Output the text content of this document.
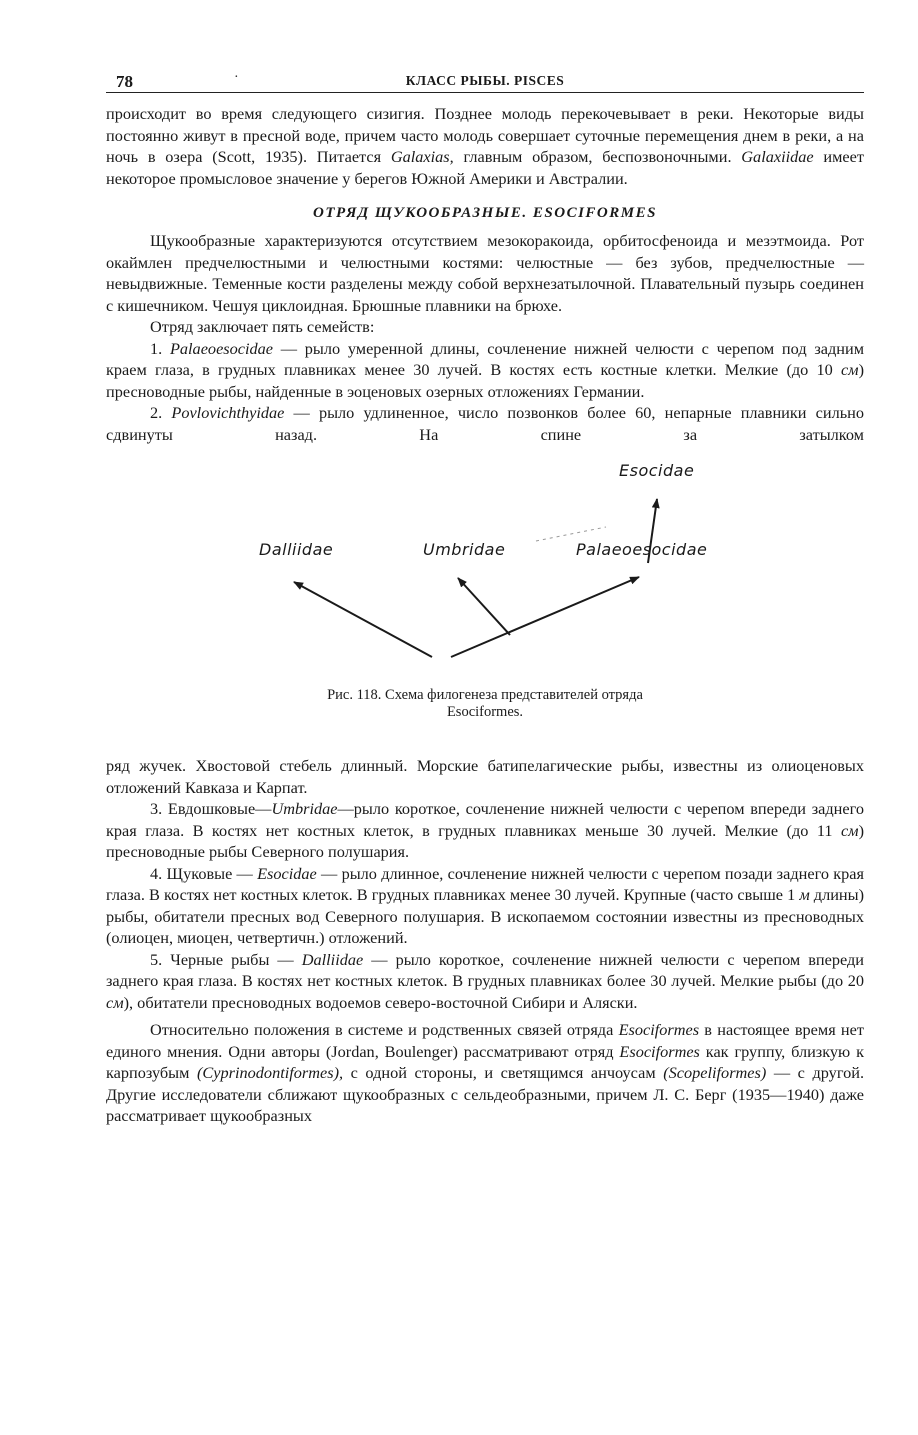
78	·	КЛАСС РЫБЫ. PISCES

происходит во время следующего сизигия. Позднее молодь перекочевывает в реки. Некоторые виды постоянно живут в пресной воде, причем часто молодь совершает суточные перемещения днем в реки, а на ночь в озера (Scott, 1935). Питается Galaxias, главным образом, беспозвоночными. Galaxiidae имеет некоторое промысловое значение у берегов Южной Америки и Австралии.

ОТРЯД ЩУКООБРАЗНЫЕ. ESOCIFORMES

Щукообразные характеризуются отсутствием мезокоракоида, орбитосфеноида и мезэтмоида. Рот окаймлен предчелюстными и челюстными костями: челюстные — без зубов, предчелюстные — невыдвижные. Теменные кости разделены между собой верхнезатылочной. Плавательный пузырь соединен с кишечником. Чешуя циклоидная. Брюшные плавники на брюхе.

Отряд заключает пять семейств:

1. Palaeoesocidae — рыло умеренной длины, сочленение нижней челюсти с черепом под задним краем глаза, в грудных плавниках менее 30 лучей. В костях есть костные клетки. Мелкие (до 10 см) пресноводные рыбы, найденные в эоценовых озерных отложениях Германии.

2. Povlovichthyidae — рыло удлиненное, число позвонков более 60, непарные плавники сильно сдвинуты назад. На спине за затылком

Esocidae
Dalliidae	Umbridae	Palaeoesocidae
Рис. 118. Схема филогенеза представителей отряда
Esociformes.

ряд жучек. Хвостовой стебель длинный. Морские батипелагические рыбы, известны из олиоценовых отложений Кавказа и Карпат.

3. Евдошковые—Umbridae—рыло короткое, сочленение нижней челюсти с черепом впереди заднего края глаза. В костях нет костных клеток, в грудных плавниках меньше 30 лучей. Мелкие (до 11 см) пресноводные рыбы Северного полушария.

4. Щуковые — Esocidae — рыло длинное, сочленение нижней челюсти с черепом позади заднего края глаза. В костях нет костных клеток. В грудных плавниках менее 30 лучей. Крупные (часто свыше 1 м длины) рыбы, обитатели пресных вод Северного полушария. В ископаемом состоянии известны из пресноводных (олиоцен, миоцен, четвертичн.) отложений.

5. Черные рыбы — Dalliidae — рыло короткое, сочленение нижней челюсти с черепом впереди заднего края глаза. В костях нет костных клеток. В грудных плавниках более 30 лучей. Мелкие рыбы (до 20 см), обитатели пресноводных водоемов северо-восточной Сибири и Аляски.

Относительно положения в системе и родственных связей отряда Esociformes в настоящее время нет единого мнения. Одни авторы (Jordan, Boulenger) рассматривают отряд Esociformes как группу, близкую к карпозубым (Cyprinodontiformes), с одной стороны, и светящимся анчоусам (Scopeliformes) — с другой. Другие исследователи сближают щукообразных с сельдеобразными, причем Л. С. Берг (1935—1940) даже рассматривает щукообразных
